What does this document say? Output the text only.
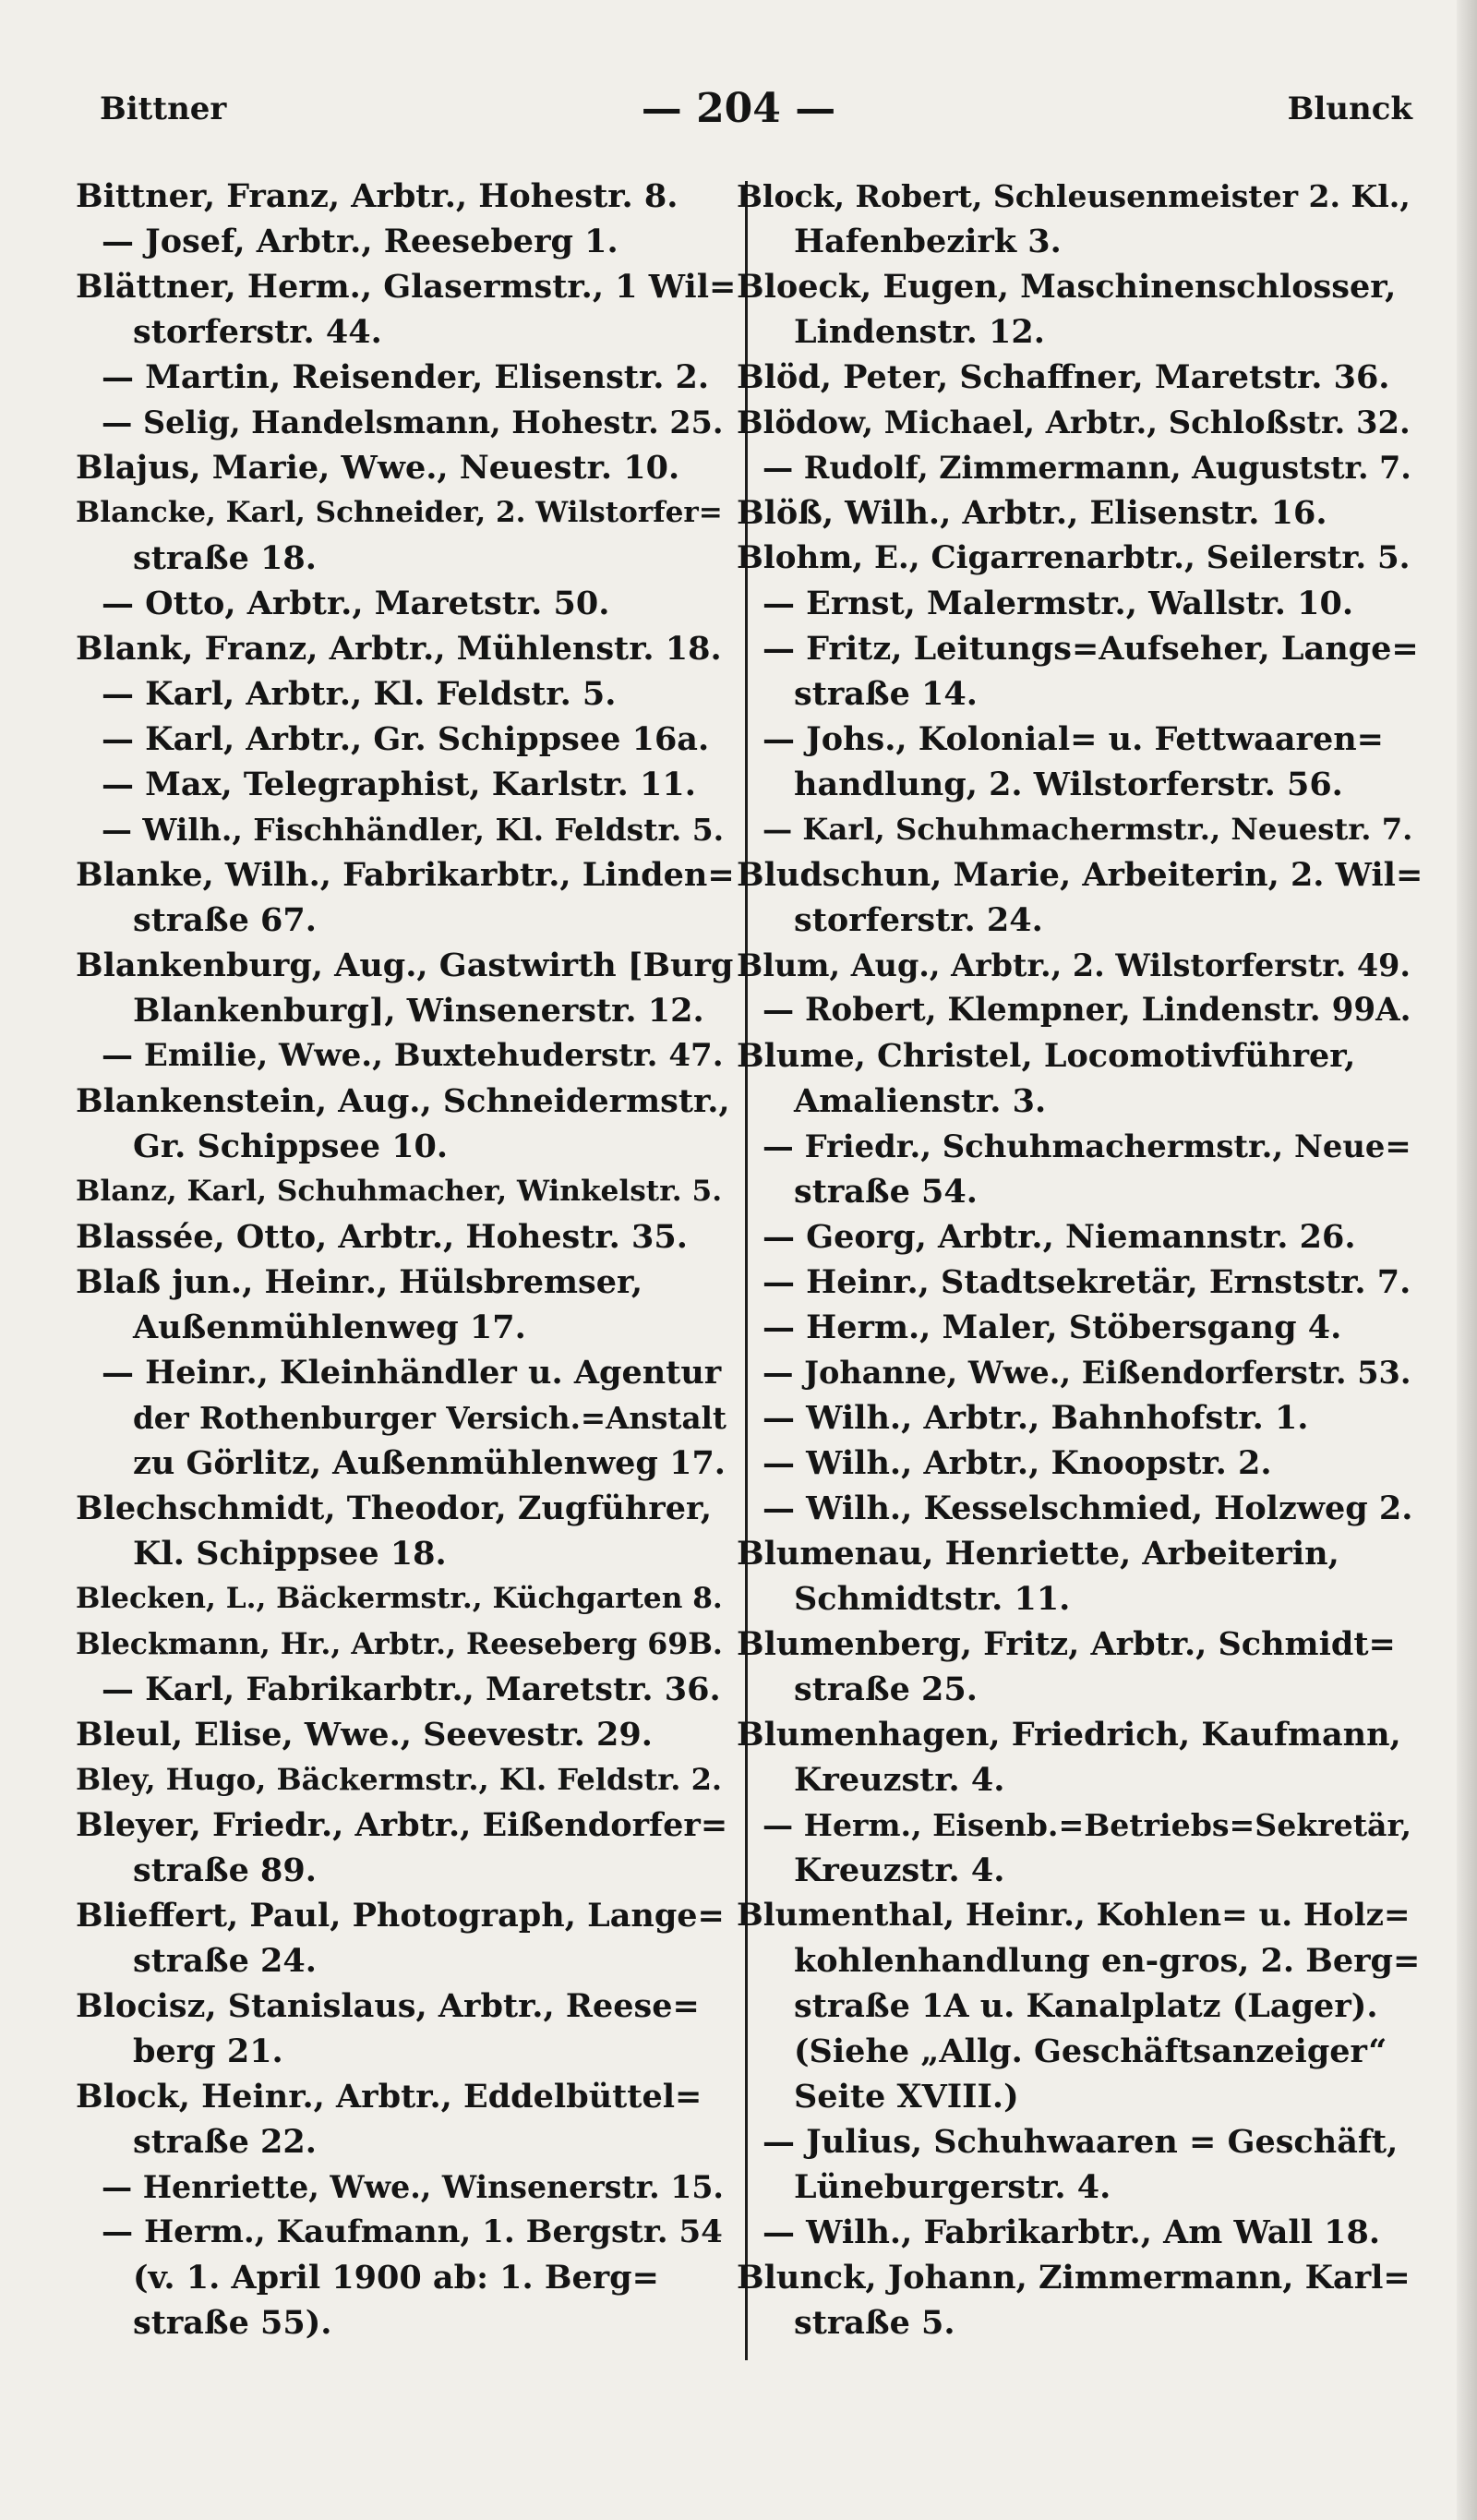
Bittner	— 204 —	Blunck
Bittner, Franz, Arbtr., Hohestr. 8.
— Josef, Arbtr., Reeseberg 1.
Blättner, Herm., Glasermstr., 1 Wil=
storferstr. 44.
— Martin, Reisender, Elisenstr. 2.
— Selig, Handelsmann, Hohestr. 25.
Blajus, Marie, Wwe., Neuestr. 10.
Blancke, Karl, Schneider, 2. Wilstorfer=
straße 18.
— Otto, Arbtr., Maretstr. 50.
Blank, Franz, Arbtr., Mühlenstr. 18.
— Karl, Arbtr., Kl. Feldstr. 5.
— Karl, Arbtr., Gr. Schippsee 16a.
— Max, Telegraphist, Karlstr. 11.
— Wilh., Fischhändler, Kl. Feldstr. 5.
Blanke, Wilh., Fabrikarbtr., Linden=
straße 67.
Blankenburg, Aug., Gastwirth [Burg
Blankenburg], Winsenerstr. 12.
— Emilie, Wwe., Buxtehuderstr. 47.
Blankenstein, Aug., Schneidermstr.,
Gr. Schippsee 10.
Blanz, Karl, Schuhmacher, Winkelstr. 5.
Blassée, Otto, Arbtr., Hohestr. 35.
Blaß jun., Heinr., Hülsbremser,
Außenmühlenweg 17.
— Heinr., Kleinhändler u. Agentur
der Rothenburger Versich.=Anstalt
zu Görlitz, Außenmühlenweg 17.
Blechschmidt, Theodor, Zugführer,
Kl. Schippsee 18.
Blecken, L., Bäckermstr., Küchgarten 8.
Bleckmann, Hr., Arbtr., Reeseberg 69B.
— Karl, Fabrikarbtr., Maretstr. 36.
Bleul, Elise, Wwe., Seevestr. 29.
Bley, Hugo, Bäckermstr., Kl. Feldstr. 2.
Bleyer, Friedr., Arbtr., Eißendorfer=
straße 89.
Blieffert, Paul, Photograph, Lange=
straße 24.
Blocisz, Stanislaus, Arbtr., Reese=
berg 21.
Block, Heinr., Arbtr., Eddelbüttel=
straße 22.
— Henriette, Wwe., Winsenerstr. 15.
— Herm., Kaufmann, 1. Bergstr. 54
(v. 1. April 1900 ab: 1. Berg=
straße 55).
Block, Robert, Schleusenmeister 2. Kl.,
Hafenbezirk 3.
Bloeck, Eugen, Maschinenschlosser,
Lindenstr. 12.
Blöd, Peter, Schaffner, Maretstr. 36.
Blödow, Michael, Arbtr., Schloßstr. 32.
— Rudolf, Zimmermann, Auguststr. 7.
Blöß, Wilh., Arbtr., Elisenstr. 16.
Blohm, E., Cigarrenarbtr., Seilerstr. 5.
— Ernst, Malermstr., Wallstr. 10.
— Fritz, Leitungs=Aufseher, Lange=
straße 14.
— Johs., Kolonial= u. Fettwaaren=
handlung, 2. Wilstorferstr. 56.
— Karl, Schuhmachermstr., Neuestr. 7.
Bludschun, Marie, Arbeiterin, 2. Wil=
storferstr. 24.
Blum, Aug., Arbtr., 2. Wilstorferstr. 49.
— Robert, Klempner, Lindenstr. 99A.
Blume, Christel, Locomotivführer,
Amalienstr. 3.
— Friedr., Schuhmachermstr., Neue=
straße 54.
— Georg, Arbtr., Niemannstr. 26.
— Heinr., Stadtsekretär, Ernststr. 7.
— Herm., Maler, Stöbersgang 4.
— Johanne, Wwe., Eißendorferstr. 53.
— Wilh., Arbtr., Bahnhofstr. 1.
— Wilh., Arbtr., Knoopstr. 2.
— Wilh., Kesselschmied, Holzweg 2.
Blumenau, Henriette, Arbeiterin,
Schmidtstr. 11.
Blumenberg, Fritz, Arbtr., Schmidt=
straße 25.
Blumenhagen, Friedrich, Kaufmann,
Kreuzstr. 4.
— Herm., Eisenb.=Betriebs=Sekretär,
Kreuzstr. 4.
Blumenthal, Heinr., Kohlen= u. Holz=
kohlenhandlung en-gros, 2. Berg=
straße 1A u. Kanalplatz (Lager).
(Siehe „Allg. Geschäftsanzeiger“
Seite XVIII.)
— Julius, Schuhwaaren = Geschäft,
Lüneburgerstr. 4.
— Wilh., Fabrikarbtr., Am Wall 18.
Blunck, Johann, Zimmermann, Karl=
straße 5.
